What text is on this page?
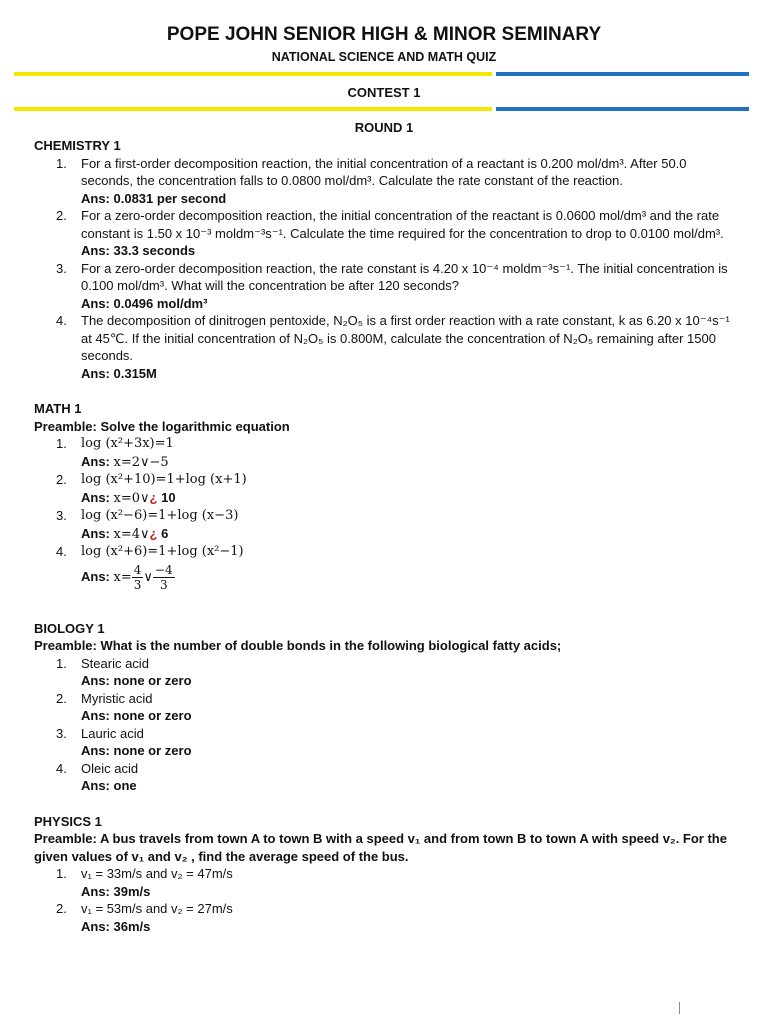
POPE JOHN SENIOR HIGH & MINOR SEMINARY
NATIONAL SCIENCE AND MATH QUIZ
CONTEST 1
ROUND 1
CHEMISTRY 1
1. For a first-order decomposition reaction, the initial concentration of a reactant is 0.200 mol/dm³. After 50.0 seconds, the concentration falls to 0.0800 mol/dm³. Calculate the rate constant of the reaction.
Ans: 0.0831 per second
2. For a zero-order decomposition reaction, the initial concentration of the reactant is 0.0600 mol/dm³ and the rate constant is 1.50 x 10⁻³ moldm⁻³s⁻¹. Calculate the time required for the concentration to drop to 0.0100 mol/dm³.
Ans: 33.3 seconds
3. For a zero-order decomposition reaction, the rate constant is 4.20 x 10⁻⁴ moldm⁻³s⁻¹. The initial concentration is 0.100 mol/dm³. What will the concentration be after 120 seconds?
Ans: 0.0496 mol/dm³
4. The decomposition of dinitrogen pentoxide, N₂O₅ is a first order reaction with a rate constant, k as 6.20 x 10⁻⁴s⁻¹ at 45℃. If the initial concentration of N₂O₅ is 0.800M, calculate the concentration of N₂O₅ remaining after 1500 seconds.
Ans: 0.315M
MATH 1
Preamble: Solve the logarithmic equation
1. log (x²+3x)=1
Ans: x=2∨−5
2. log (x²+10)=1+log (x+1)
Ans: x=0∨¿ 10
3. log (x²−6)=1+log (x−3)
Ans: x=4∨¿ 6
4. log (x²+6)=1+log (x²−1)
Ans: $x= \frac{4}{3}$ ∨ $\frac{-4}{3}$
BIOLOGY 1
Preamble: What is the number of double bonds in the following biological fatty acids;
1. Stearic acid
Ans: none or zero
2. Myristic acid
Ans: none or zero
3. Lauric acid
Ans: none or zero
4. Oleic acid
Ans: one
PHYSICS 1
Preamble: A bus travels from town A to town B with a speed v₁ and from town B to town A with speed v₂. For the given values of v₁ and v₂ , find the average speed of the bus.
1. v₁ = 33m/s and v₂ = 47m/s
Ans: 39m/s
2. v₁ = 53m/s and v₂ = 27m/s
Ans: 36m/s
